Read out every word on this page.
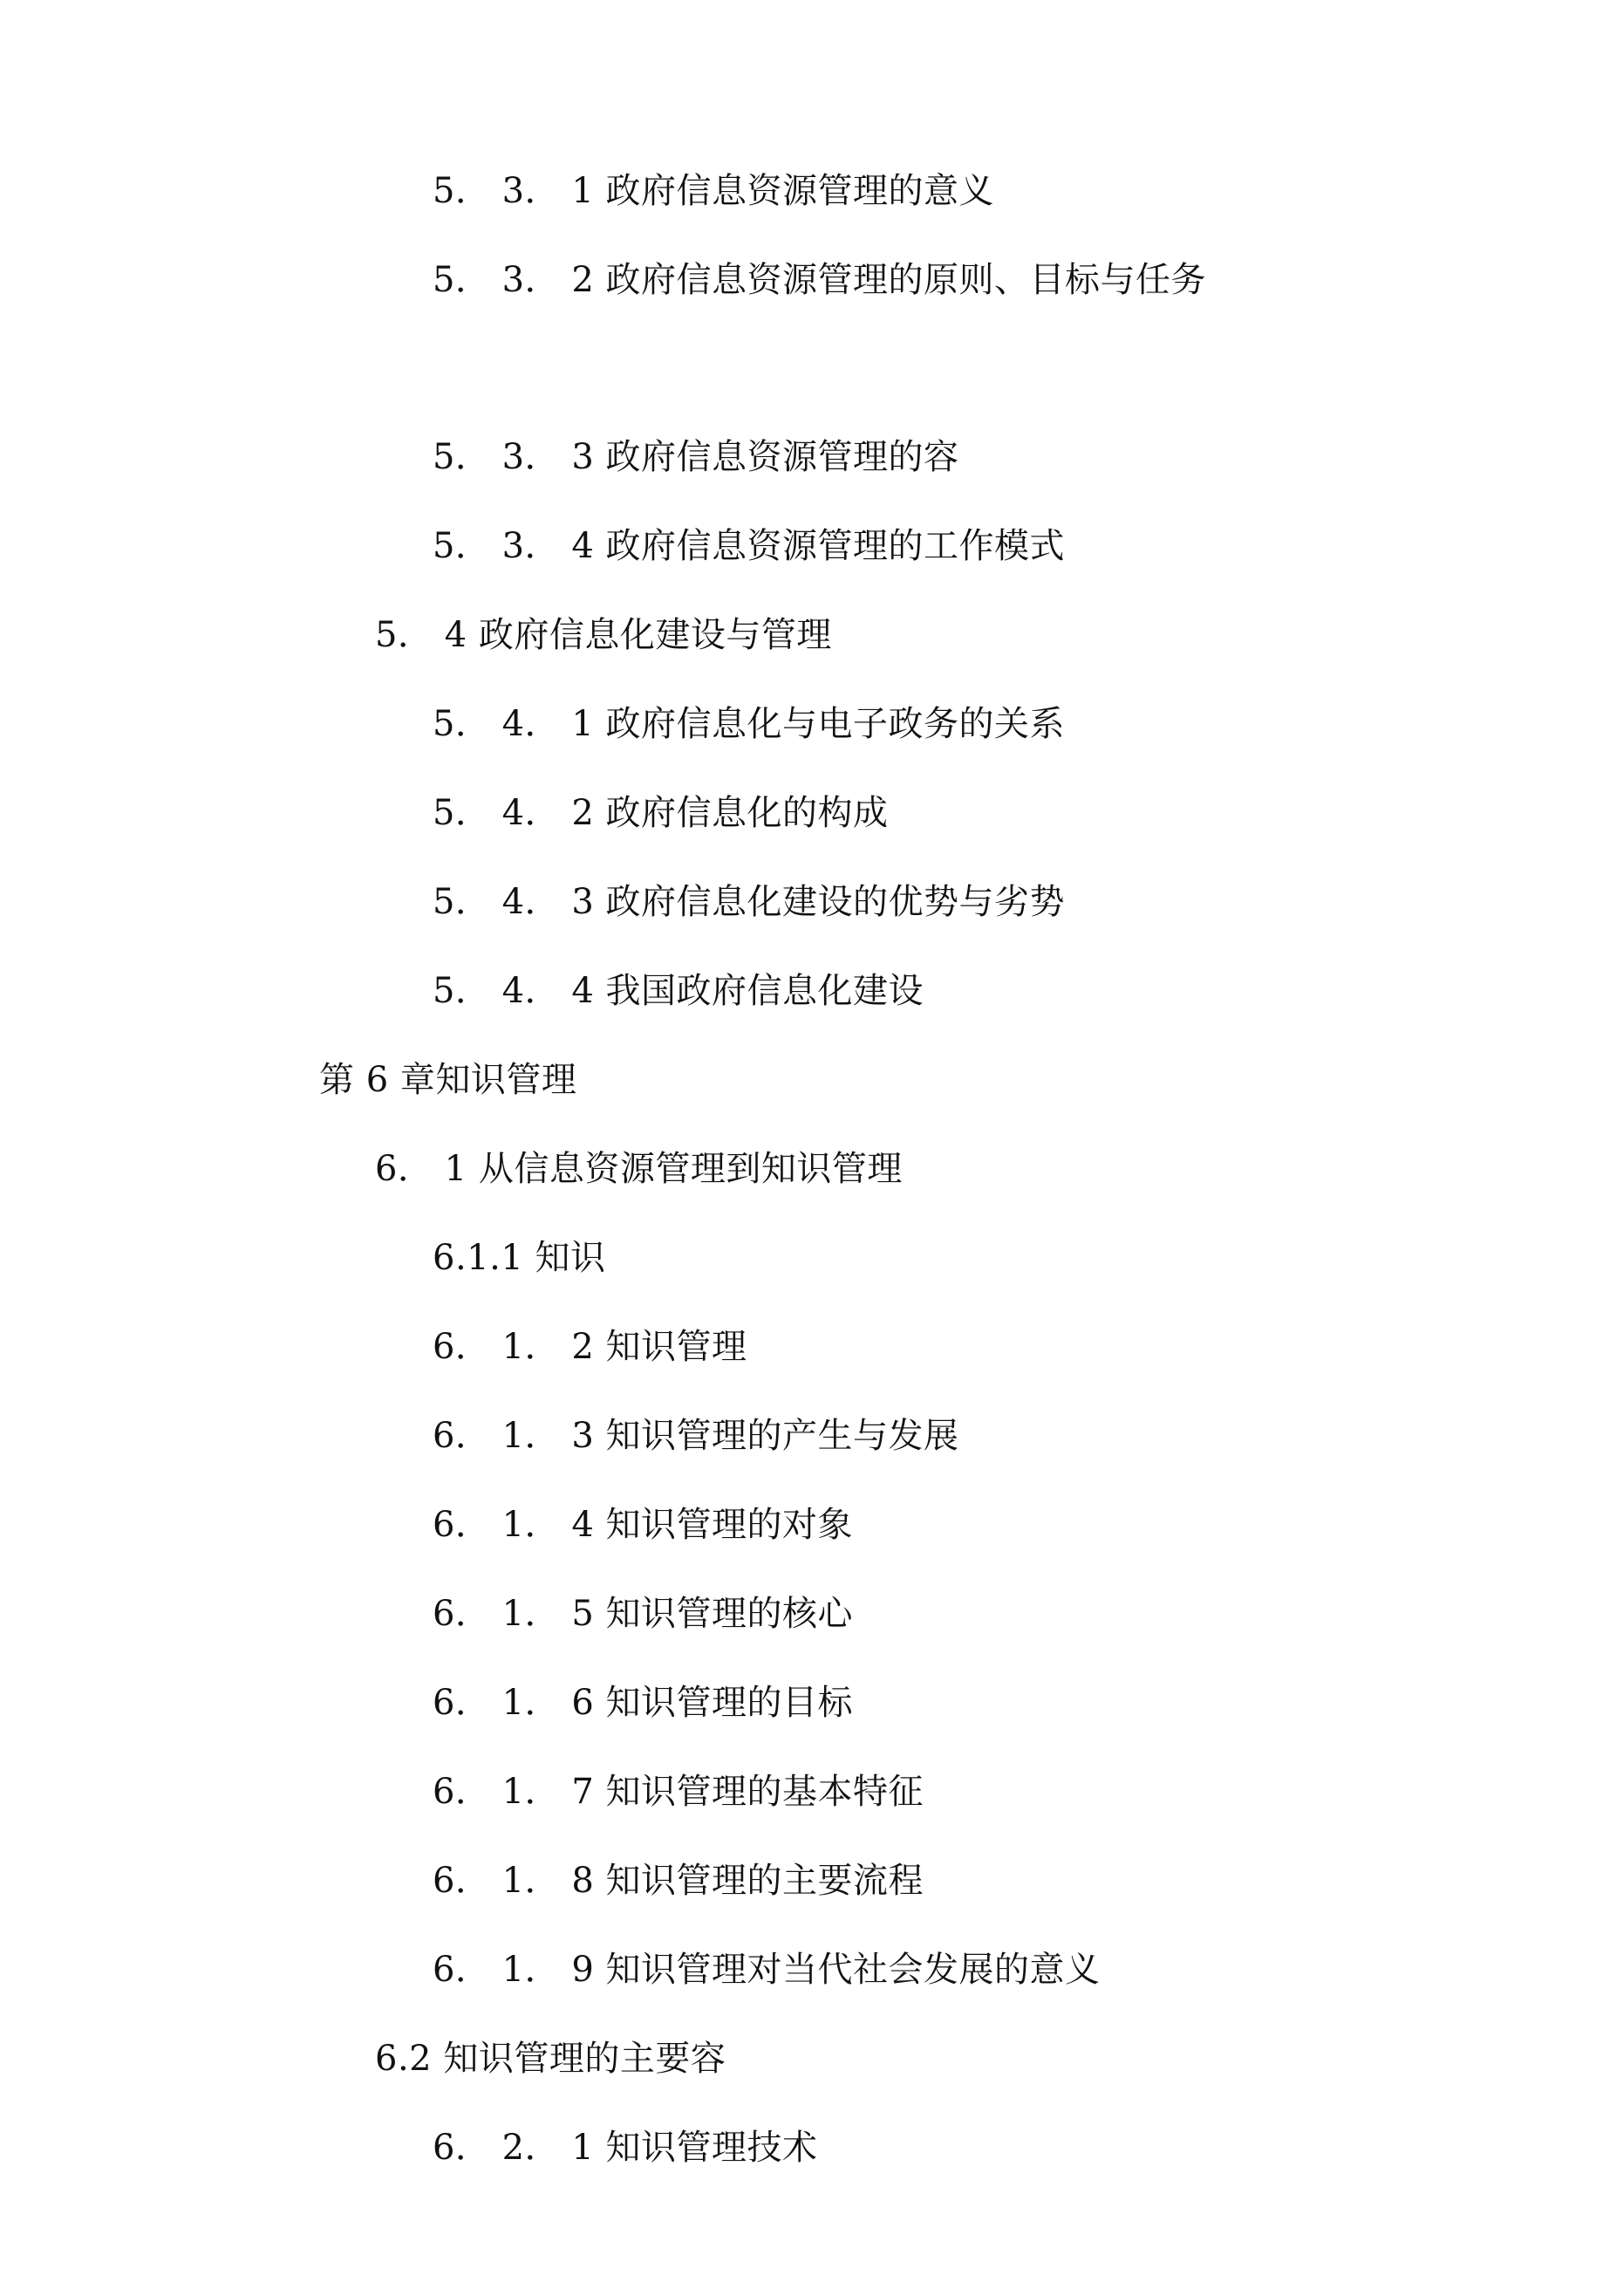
5． 3． 1 政府信息资源管理的意义
5． 3． 2 政府信息资源管理的原则、目标与任务
5． 3． 3 政府信息资源管理的容
5． 3． 4 政府信息资源管理的工作模式
5． 4 政府信息化建设与管理
5． 4． 1 政府信息化与电子政务的关系
5． 4． 2 政府信息化的构成
5． 4． 3 政府信息化建设的优势与劣势
5． 4． 4 我国政府信息化建设
第 6 章知识管理
6． 1 从信息资源管理到知识管理
6.1.1 知识
6． 1． 2 知识管理
6． 1． 3 知识管理的产生与发展
6． 1． 4 知识管理的对象
6． 1． 5 知识管理的核心
6． 1． 6 知识管理的目标
6． 1． 7 知识管理的基本特征
6． 1． 8 知识管理的主要流程
6． 1． 9 知识管理对当代社会发展的意义
6.2 知识管理的主要容
6． 2． 1 知识管理技术
